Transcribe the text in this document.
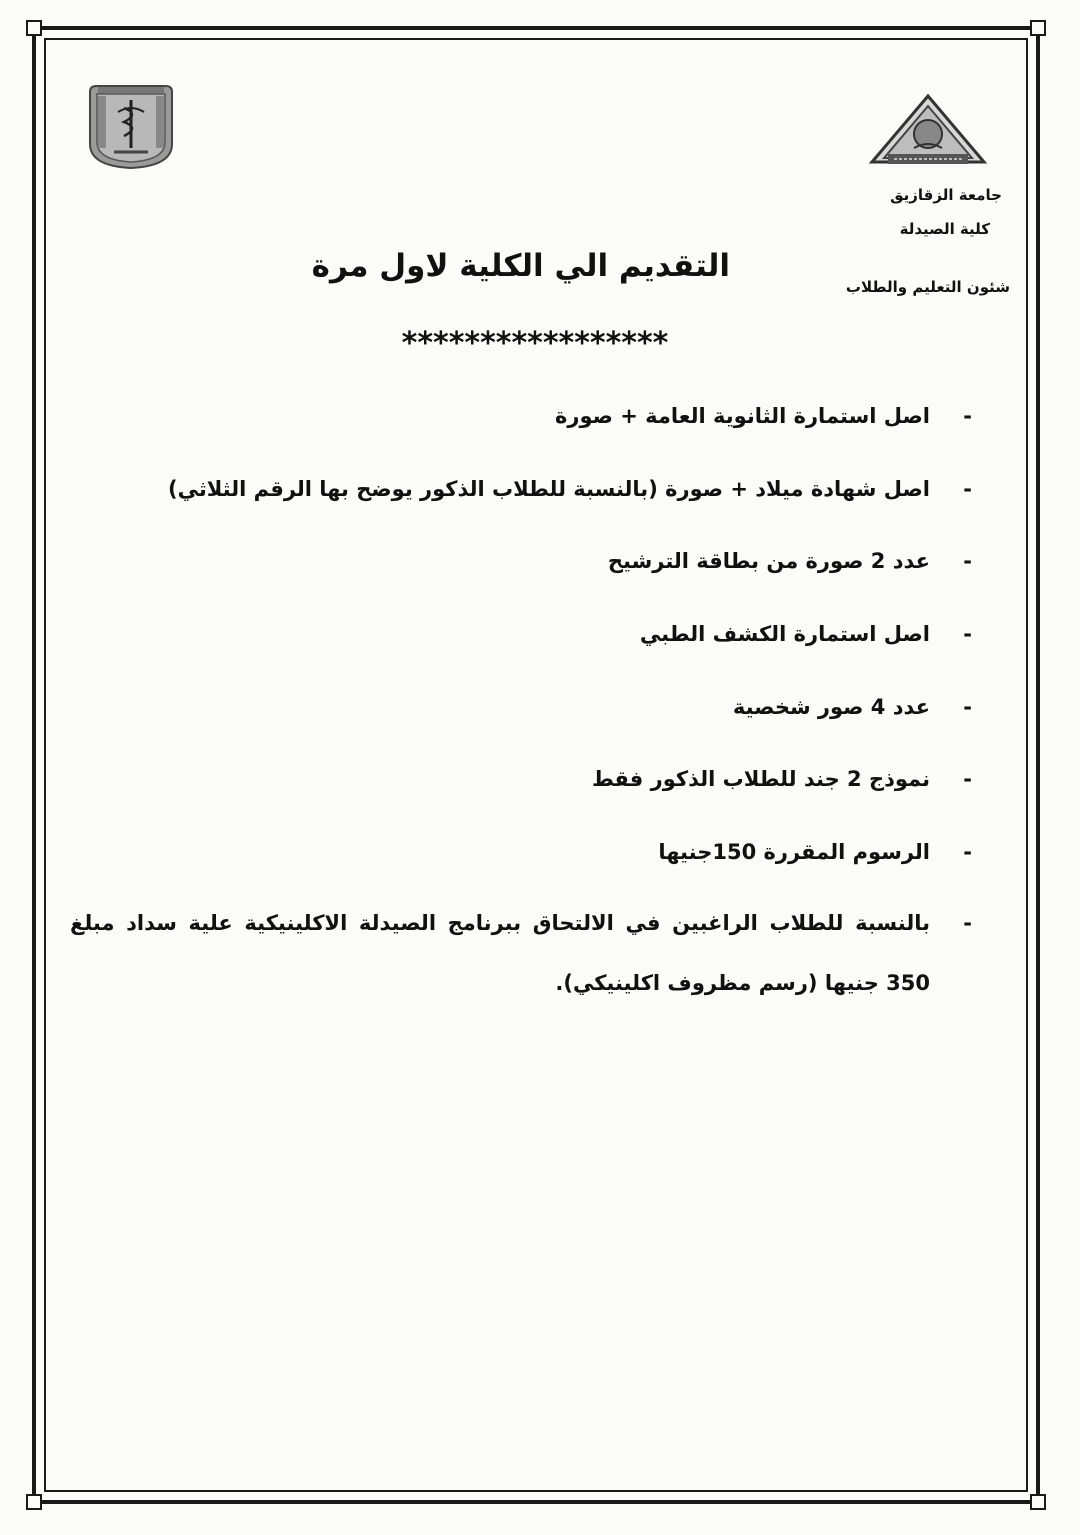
جامعة الزقازيق
كلية الصيدلة
شئون التعليم والطلاب
التقديم الي الكلية لاول مرة
*****************
-
اصل استمارة الثانوية العامة + صورة
-
اصل شهادة ميلاد + صورة (بالنسبة للطلاب الذكور يوضح بها الرقم الثلاثي)
-
عدد 2 صورة من بطاقة الترشيح
-
اصل استمارة الكشف الطبي
-
عدد 4 صور شخصية
-
نموذج 2 جند للطلاب الذكور فقط
-
الرسوم المقررة 150جنيها
-
بالنسبة للطلاب الراغبين في الالتحاق ببرنامج الصيدلة الاكلينيكية علية سداد مبلغ 350 جنيها (رسم مظروف اكلينيكي).
